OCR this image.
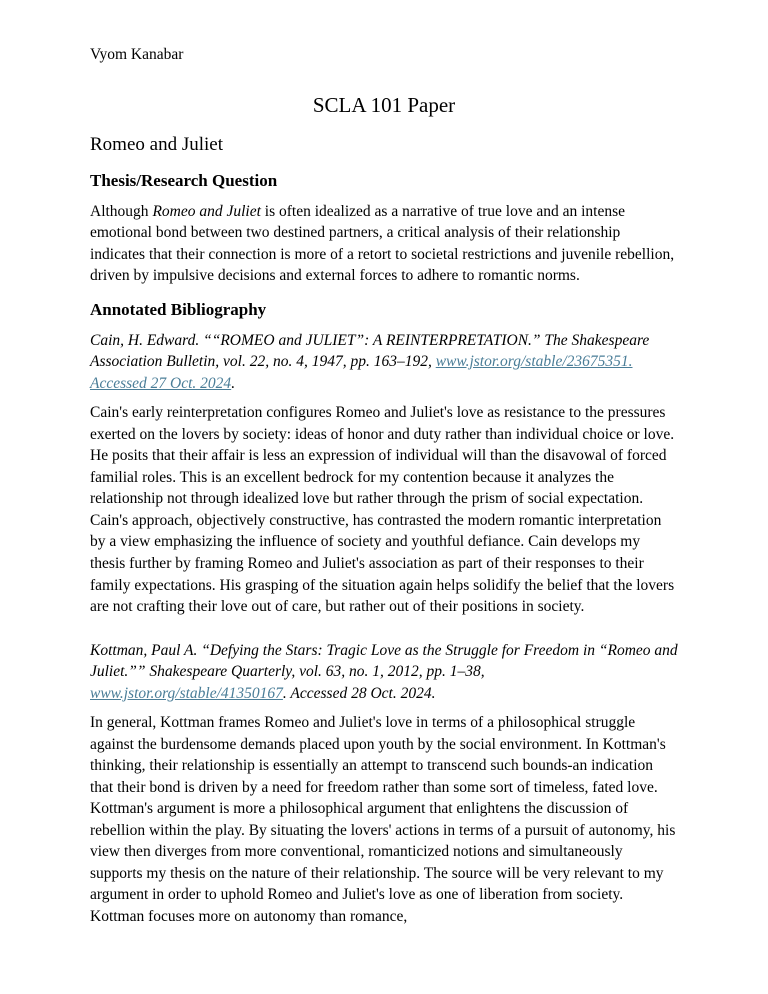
Vyom Kanabar

SCLA 101 Paper
Romeo and Juliet
Thesis/Research Question

Although Romeo and Juliet is often idealized as a narrative of true love and an intense emotional bond between two destined partners, a critical analysis of their relationship indicates that their connection is more of a retort to societal restrictions and juvenile rebellion, driven by impulsive decisions and external forces to adhere to romantic norms.

Annotated Bibliography

Cain, H. Edward. ““ROMEO and JULIET”: A REINTERPRETATION.” The Shakespeare Association Bulletin, vol. 22, no. 4, 1947, pp. 163–192, www.jstor.org/stable/23675351. Accessed 27 Oct. 2024.

Cain's early reinterpretation configures Romeo and Juliet's love as resistance to the pressures exerted on the lovers by society: ideas of honor and duty rather than individual choice or love. He posits that their affair is less an expression of individual will than the disavowal of forced familial roles. This is an excellent bedrock for my contention because it analyzes the relationship not through idealized love but rather through the prism of social expectation. Cain's approach, objectively constructive, has contrasted the modern romantic interpretation by a view emphasizing the influence of society and youthful defiance. Cain develops my thesis further by framing Romeo and Juliet's association as part of their responses to their family expectations. His grasping of the situation again helps solidify the belief that the lovers are not crafting their love out of care, but rather out of their positions in society.

Kottman, Paul A. “Defying the Stars: Tragic Love as the Struggle for Freedom in “Romeo and Juliet.”” Shakespeare Quarterly, vol. 63, no. 1, 2012, pp. 1–38, www.jstor.org/stable/41350167. Accessed 28 Oct. 2024.

In general, Kottman frames Romeo and Juliet's love in terms of a philosophical struggle against the burdensome demands placed upon youth by the social environment. In Kottman's thinking, their relationship is essentially an attempt to transcend such bounds-an indication that their bond is driven by a need for freedom rather than some sort of timeless, fated love. Kottman's argument is more a philosophical argument that enlightens the discussion of rebellion within the play. By situating the lovers' actions in terms of a pursuit of autonomy, his view then diverges from more conventional, romanticized notions and simultaneously supports my thesis on the nature of their relationship. The source will be very relevant to my argument in order to uphold Romeo and Juliet's love as one of liberation from society. Kottman focuses more on autonomy than romance,
